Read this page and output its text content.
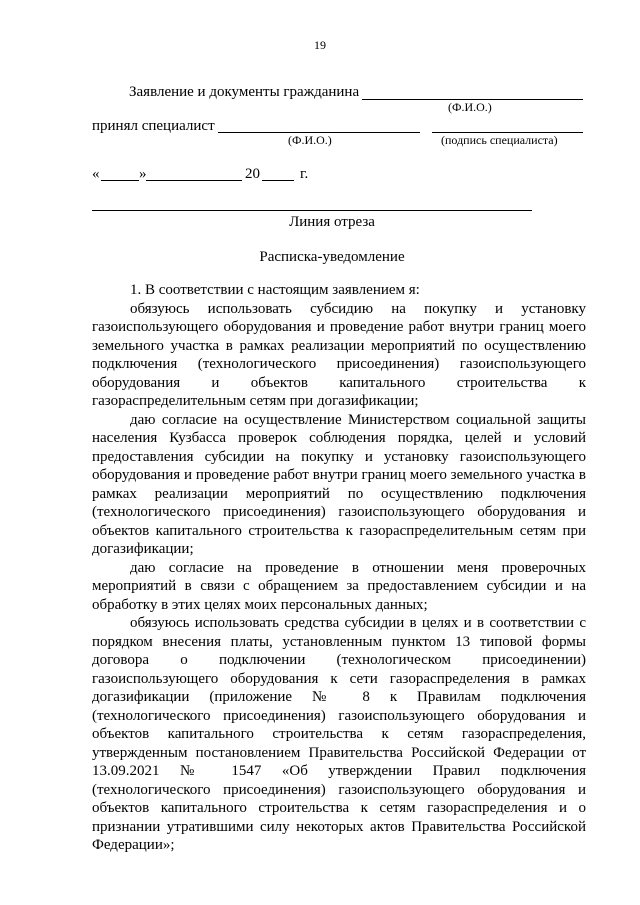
19
Заявление и документы гражданина
(Ф.И.О.)
принял специалист
(Ф.И.О.)	(подпись специалиста)
«	»	20	г.
Линия отреза
Расписка-уведомление

1. В соответствии с настоящим заявлением я:

обязуюсь использовать субсидию на покупку и установку газоиспользующего оборудования и проведение работ внутри границ моего земельного участка в рамках реализации мероприятий по осуществлению подключения (технологического присоединения) газоиспользующего оборудования и объектов капитального строительства к газораспределительным сетям при догазификации;

даю согласие на осуществление Министерством социальной защиты населения Кузбасса проверок соблюдения порядка, целей и условий предоставления субсидии на покупку и установку газоиспользующего оборудования и проведение работ внутри границ моего земельного участка в рамках реализации мероприятий по осуществлению подключения (технологического присоединения) газоиспользующего оборудования и объектов капитального строительства к газораспределительным сетям при догазификации;

даю согласие на проведение в отношении меня проверочных мероприятий в связи с обращением за предоставлением субсидии и на обработку в этих целях моих персональных данных;

обязуюсь использовать средства субсидии в целях и в соответствии с порядком внесения платы, установленным пунктом 13 типовой формы договора о подключении (технологическом присоединении) газоиспользующего оборудования к сети газораспределения в рамках догазификации (приложение № 8 к Правилам подключения (технологического присоединения) газоиспользующего оборудования и объектов капитального строительства к сетям газораспределения, утвержденным постановлением Правительства Российской Федерации от 13.09.2021 № 1547 «Об утверждении Правил подключения (технологического присоединения) газоиспользующего оборудования и объектов капитального строительства к сетям газораспределения и о признании утратившими силу некоторых актов Правительства Российской Федерации»;
